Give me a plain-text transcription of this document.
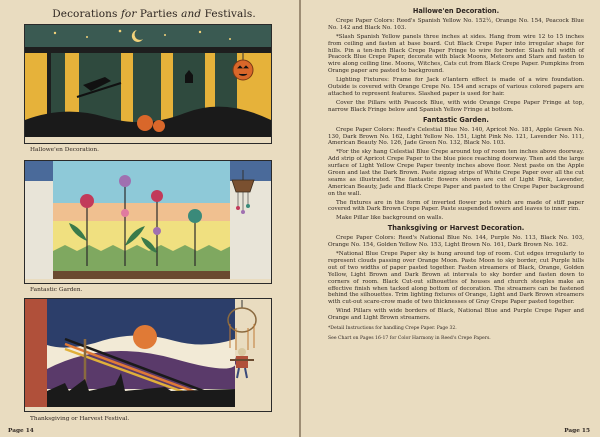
Decorations for Parties and Festivals.
Hallowe'en Decoration.
Fantastic Garden.
Thanksgiving or Harvest Festival.
Page 14
Hallowe'en Decoration.

Crepe Paper Colors: Reed's Spanish Yellow No. 152½, Orange No. 154, Peacock Blue No. 142 and Black No. 103.

*Slash Spanish Yellow panels three inches at sides. Hang from wire 12 to 15 inches from ceiling and fasten at base board. Cut Black Crepe Paper into irregular shape for hills. Pin a ten-inch Black Crepe Paper Fringe to wire for border. Slash full width of Peacock Blue Crepe Paper, decorate with black Moons, Meteors and Stars and fasten to wire along ceiling line. Moons, Witches, Cats cut from Black Crepe Paper. Pumpkins from Orange paper are pasted to background.

Lighting Fixtures: Frame for Jack o'lantern effect is made of a wire foundation. Outside is covered with Orange Crepe No. 154 and scraps of various colored papers are attached to represent features. Slashed paper is used for hair.

Cover the Pillars with Peacock Blue, with wide Orange Crepe Paper Fringe at top, narrow Black Fringe below and Spanish Yellow Fringe at bottom.

Fantastic Garden.

Crepe Paper Colors: Reed's Celestial Blue No. 140, Apricot No. 181, Apple Green No. 130, Dark Brown No. 162, Light Yellow No. 151, Light Pink No. 121, Lavender No. 111, American Beauty No. 126, Jade Green No. 132, Black No. 103.

*For the sky hang Celestial Blue Crepe around top of room ten inches above doorway. Add strip of Apricot Crepe Paper to the blue piece reaching doorway. Then add the large surface of Light Yellow Crepe Paper twenty inches above floor. Next paste on the Apple Green and last the Dark Brown. Paste zigzag strips of White Crepe Paper over all the cut seams as illustrated. The fantastic flowers shown are cut of Light Pink, Lavender, American Beauty, Jade and Black Crepe Paper and pasted to the Crepe Paper background on the wall.

The fixtures are in the form of inverted flower pots which are made of stiff paper covered with Dark Brown Crepe Paper. Paste suspended flowers and leaves to inner rim.

Make Pillar like background on walls.

Thanksgiving or Harvest Decoration.

Crepe Paper Colors: Reed's National Blue No. 144, Purple No. 113, Black No. 103, Orange No. 154, Golden Yellow No. 153, Light Brown No. 161, Dark Brown No. 162.

*National Blue Crepe Paper sky is hung around top of room. Cut edges irregularly to represent clouds passing over Orange Moon. Paste Moon to sky border, cut Purple hills out of two widths of paper pasted together. Fasten streamers of Black, Orange, Golden Yellow, Light Brown and Dark Brown at intervals to sky border and fasten down to corners of room. Black Cut-out silhouettes of houses and church steeples make an effective finish when tacked along bottom of decoration. The streamers can be fastened behind the silhouettes. Trim lighting fixtures of Orange, Light and Dark Brown streamers with cut-out scare-crow made of two thicknesses of Gray Crepe Paper pasted together.

Wind Pillars with wide borders of Black, National Blue and Purple Crepe Paper and Orange and Light Brown streamers.

*Detail Instructions for handling Crepe Paper. Page 32.

See Chart on Pages 16-17 for Color Harmony in Reed's Crepe Papers.

Page 15
